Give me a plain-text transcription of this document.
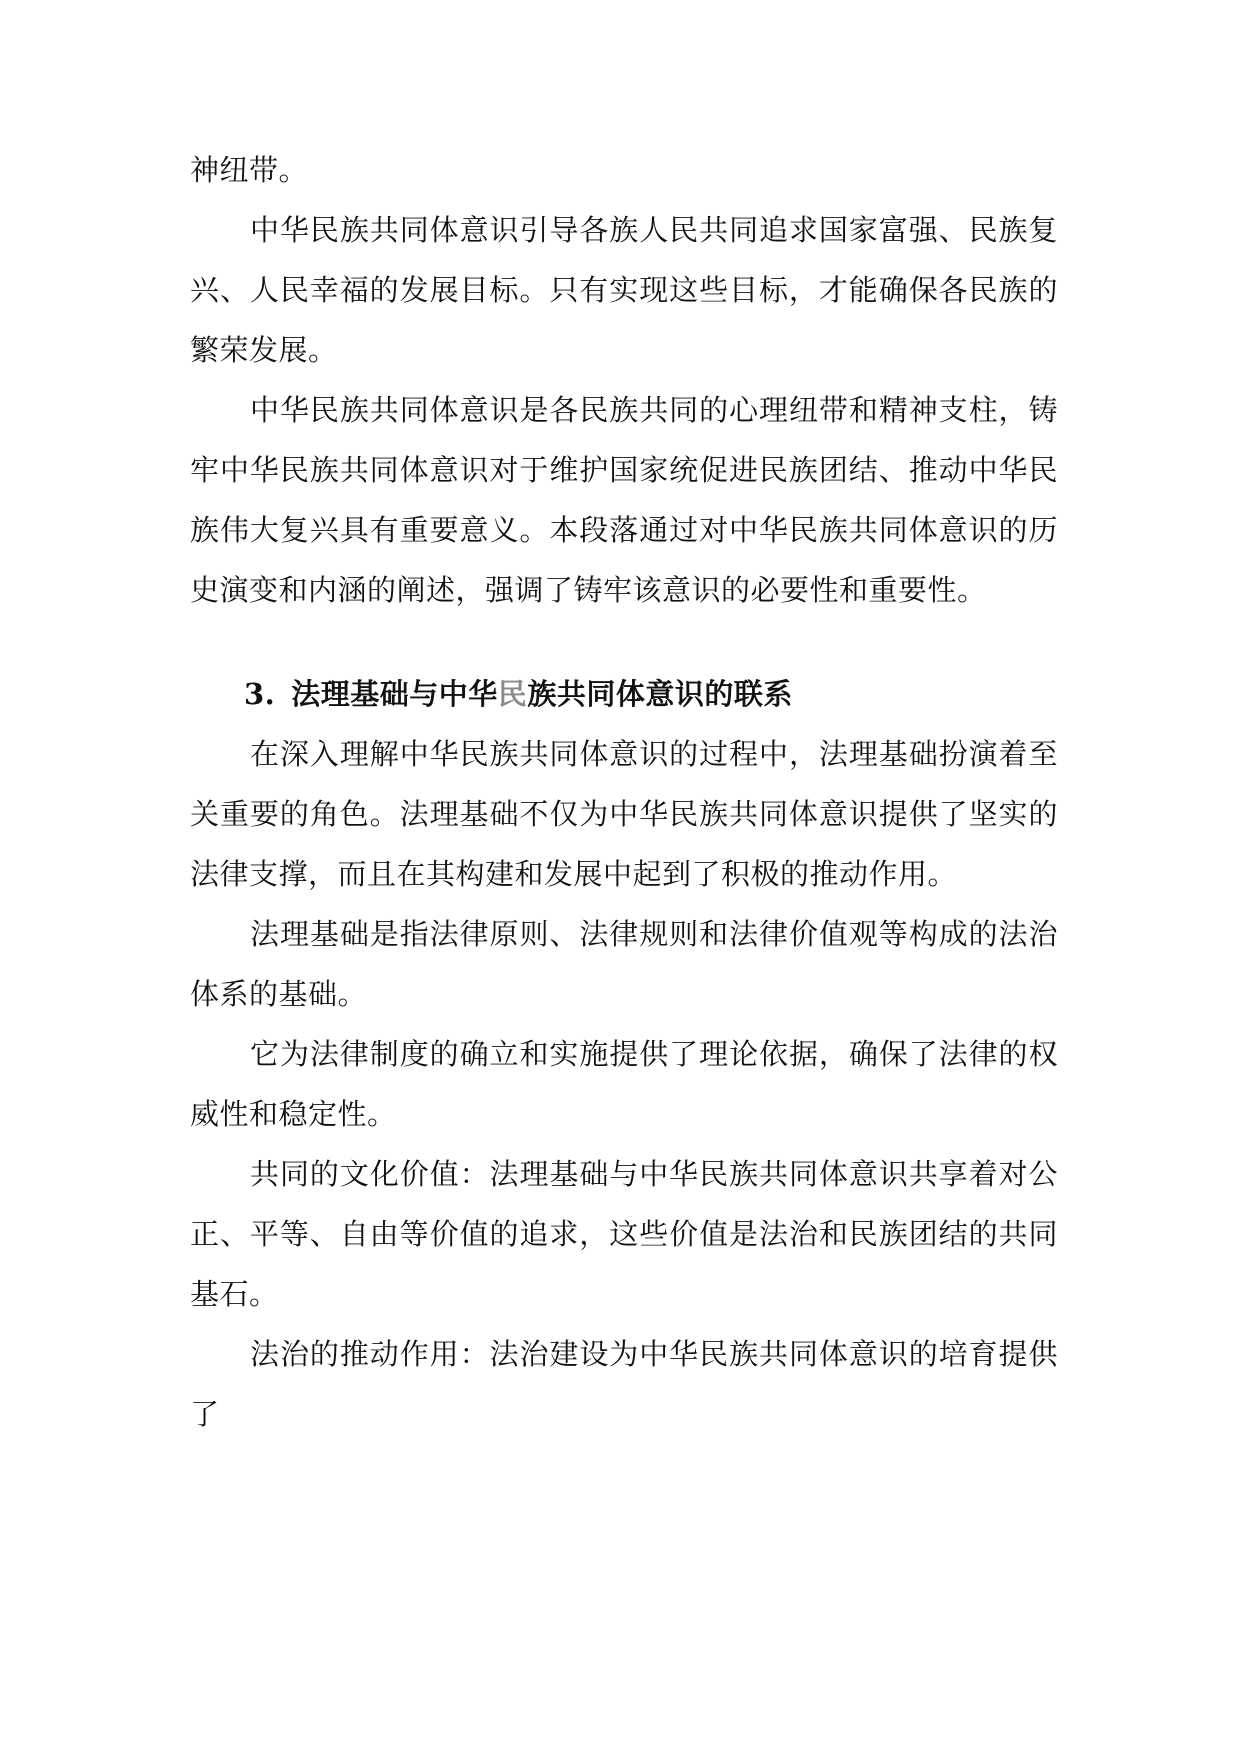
神纽带。

中华民族共同体意识引导各族人民共同追求国家富强、民族复兴、人民幸福的发展目标。只有实现这些目标，才能确保各民族的繁荣发展。

中华民族共同体意识是各民族共同的心理纽带和精神支柱，铸牢中华民族共同体意识对于维护国家统促进民族团结、推动中华民族伟大复兴具有重要意义。本段落通过对中华民族共同体意识的历史演变和内涵的阐述，强调了铸牢该意识的必要性和重要性。

3. 法理基础与中华民族共同体意识的联系

在深入理解中华民族共同体意识的过程中，法理基础扮演着至关重要的角色。法理基础不仅为中华民族共同体意识提供了坚实的法律支撑，而且在其构建和发展中起到了积极的推动作用。

法理基础是指法律原则、法律规则和法律价值观等构成的法治体系的基础。

它为法律制度的确立和实施提供了理论依据，确保了法律的权威性和稳定性。

共同的文化价值：法理基础与中华民族共同体意识共享着对公正、平等、自由等价值的追求，这些价值是法治和民族团结的共同基石。

法治的推动作用：法治建设为中华民族共同体意识的培育提供了
